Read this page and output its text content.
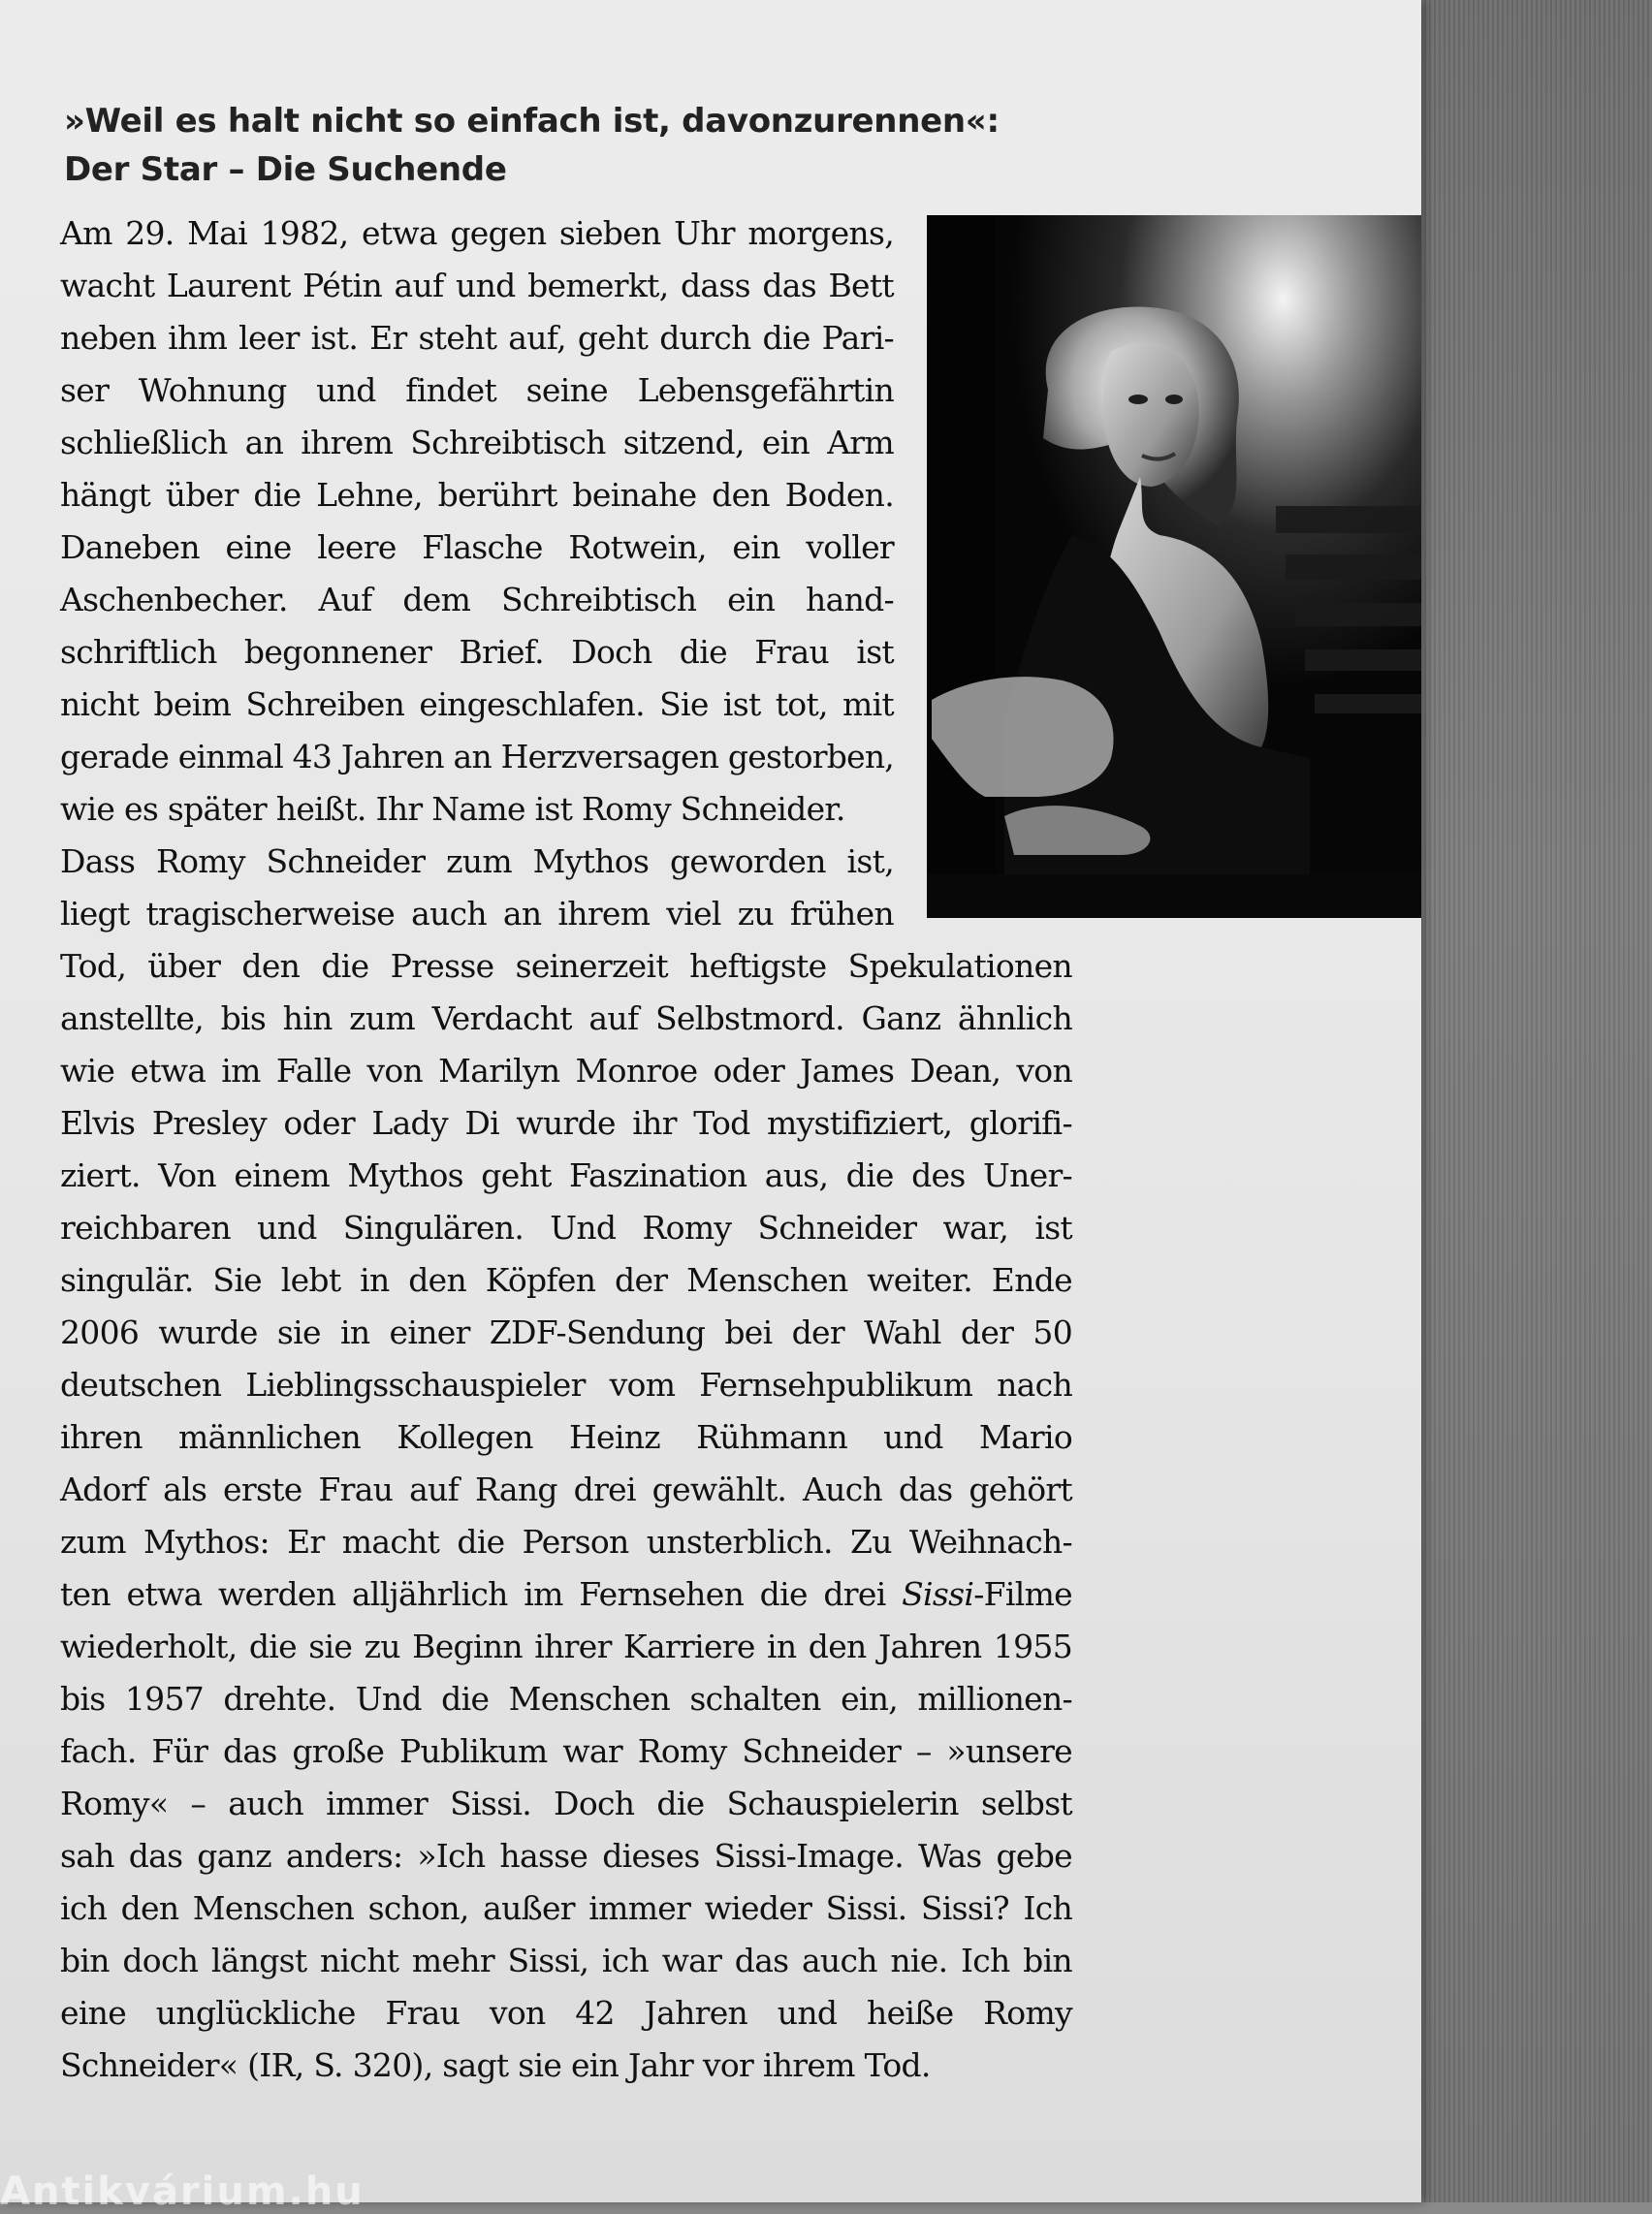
»Weil es halt nicht so einfach ist, davonzurennen«:
Der Star – Die Suchende
Am 29. Mai 1982, etwa gegen sieben Uhr morgens,
wacht Laurent Pétin auf und bemerkt, dass das Bett
neben ihm leer ist. Er steht auf, geht durch die Pari-
ser Wohnung und findet seine Lebensgefährtin
schließlich an ihrem Schreibtisch sitzend, ein Arm
hängt über die Lehne, berührt beinahe den Boden.
Daneben eine leere Flasche Rotwein, ein voller
Aschenbecher. Auf dem Schreibtisch ein hand-
schriftlich begonnener Brief. Doch die Frau ist
nicht beim Schreiben eingeschlafen. Sie ist tot, mit
gerade einmal 43 Jahren an Herzversagen gestorben,
wie es später heißt. Ihr Name ist Romy Schneider.
Dass Romy Schneider zum Mythos geworden ist,
liegt tragischerweise auch an ihrem viel zu frühen
Tod, über den die Presse seinerzeit heftigste Spekulationen
anstellte, bis hin zum Verdacht auf Selbstmord. Ganz ähnlich
wie etwa im Falle von Marilyn Monroe oder James Dean, von
Elvis Presley oder Lady Di wurde ihr Tod mystifiziert, glorifi-
ziert. Von einem Mythos geht Faszination aus, die des Uner-
reichbaren und Singulären. Und Romy Schneider war, ist
singulär. Sie lebt in den Köpfen der Menschen weiter. Ende
2006 wurde sie in einer ZDF-Sendung bei der Wahl der 50
deutschen Lieblingsschauspieler vom Fernsehpublikum nach
ihren männlichen Kollegen Heinz Rühmann und Mario
Adorf als erste Frau auf Rang drei gewählt. Auch das gehört
zum Mythos: Er macht die Person unsterblich. Zu Weihnach-
ten etwa werden alljährlich im Fernsehen die drei Sissi-Filme
wiederholt, die sie zu Beginn ihrer Karriere in den Jahren 1955
bis 1957 drehte. Und die Menschen schalten ein, millionen-
fach. Für das große Publikum war Romy Schneider – »unsere
Romy« – auch immer Sissi. Doch die Schauspielerin selbst
sah das ganz anders: »Ich hasse dieses Sissi-Image. Was gebe
ich den Menschen schon, außer immer wieder Sissi. Sissi? Ich
bin doch längst nicht mehr Sissi, ich war das auch nie. Ich bin
eine unglückliche Frau von 42 Jahren und heiße Romy
Schneider« (IR, S. 320), sagt sie ein Jahr vor ihrem Tod.
Antikvárium.hu
